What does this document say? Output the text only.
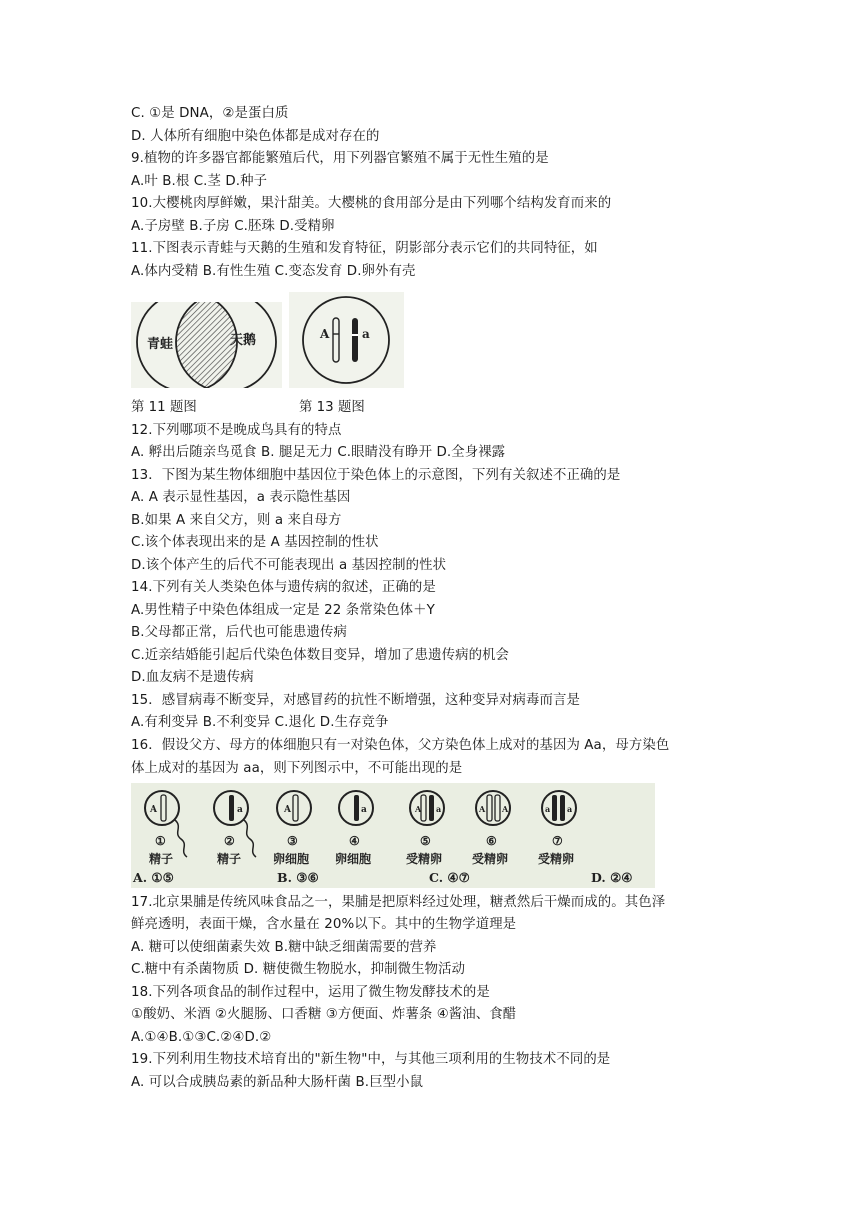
C. ①是 DNA，②是蛋白质
D. 人体所有细胞中染色体都是成对存在的
9.植物的许多器官都能繁殖后代，用下列器官繁殖不属于无性生殖的是
A.叶 B.根 C.茎 D.种子
10.大樱桃肉厚鲜嫩，果汁甜美。大樱桃的食用部分是由下列哪个结构发育而来的
A.子房壁 B.子房 C.胚珠 D.受精卵
11.下图表示青蛙与天鹅的生殖和发育特征，阴影部分表示它们的共同特征，如
A.体内受精 B.有性生殖 C.变态发育 D.卵外有壳
青蛙	天鹅	A	a
第 11 题图	第 13 题图
12.下列哪项不是晚成鸟具有的特点
A. 孵出后随亲鸟觅食 B. 腿足无力 C.眼睛没有睁开 D.全身裸露
13．下图为某生物体细胞中基因位于染色体上的示意图，下列有关叙述不正确的是
A. A 表示显性基因，a 表示隐性基因
B.如果 A 来自父方，则 a 来自母方
C.该个体表现出来的是 A 基因控制的性状
D.该个体产生的后代不可能表现出 a 基因控制的性状
14.下列有关人类染色体与遗传病的叙述，正确的是
A.男性精子中染色体组成一定是 22 条常染色体＋Y
B.父母都正常，后代也可能患遗传病
C.近亲结婚能引起后代染色体数目变异，增加了患遗传病的机会
D.血友病不是遗传病
15．感冒病毒不断变异，对感冒药的抗性不断增强，这种变异对病毒而言是
A.有利变异 B.不利变异 C.退化 D.生存竞争
16．假设父方、母方的体细胞只有一对染色体，父方染色体上成对的基因为 Aa，母方染色
体上成对的基因为 aa，则下列图示中，不可能出现的是
A	a	A	a	A a	A A	a a
①	②	③	④	⑤	⑥	⑦
精子	精子	卵细胞 卵细胞	受精卵 受精卵 受精卵
A. ①⑤	B. ③⑥	C. ④⑦	D. ②④
17.北京果脯是传统风味食品之一，果脯是把原料经过处理，糖煮然后干燥而成的。其色泽
鲜亮透明，表面干燥，含水量在 20%以下。其中的生物学道理是
A. 糖可以使细菌素失效 B.糖中缺乏细菌需要的营养
C.糖中有杀菌物质 D. 糖使微生物脱水，抑制微生物活动
18.下列各项食品的制作过程中，运用了微生物发酵技术的是
①酸奶、米酒 ②火腿肠、口香糖 ③方便面、炸薯条 ④酱油、食醋
A.①④B.①③C.②④D.②
19.下列利用生物技术培育出的"新生物"中，与其他三项利用的生物技术不同的是
A. 可以合成胰岛素的新品种大肠杆菌 B.巨型小鼠
